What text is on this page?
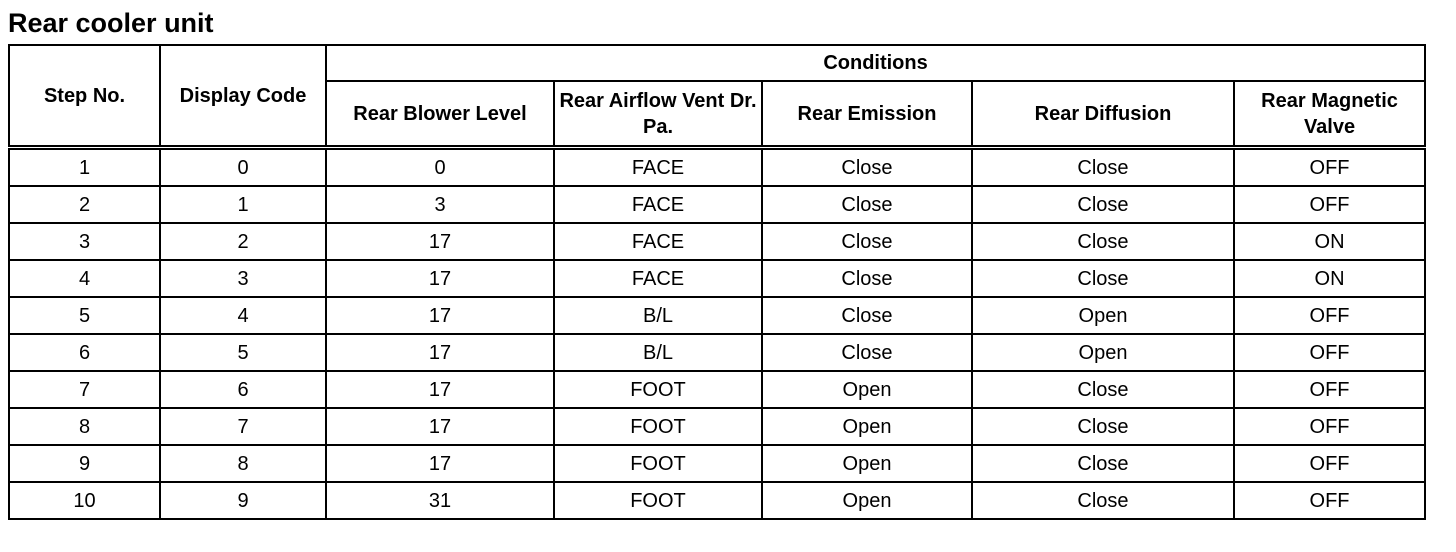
Rear cooler unit
Step No.	Display Code	Conditions				
		Rear Blower Level	Rear Airflow Vent Dr. Pa.	Rear Emission	Rear Diffusion	Rear Magnetic Valve
1	0	0	FACE	Close	Close	OFF
2	1	3	FACE	Close	Close	OFF
3	2	17	FACE	Close	Close	ON
4	3	17	FACE	Close	Close	ON
5	4	17	B/L	Close	Open	OFF
6	5	17	B/L	Close	Open	OFF
7	6	17	FOOT	Open	Close	OFF
8	7	17	FOOT	Open	Close	OFF
9	8	17	FOOT	Open	Close	OFF
10	9	31	FOOT	Open	Close	OFF
